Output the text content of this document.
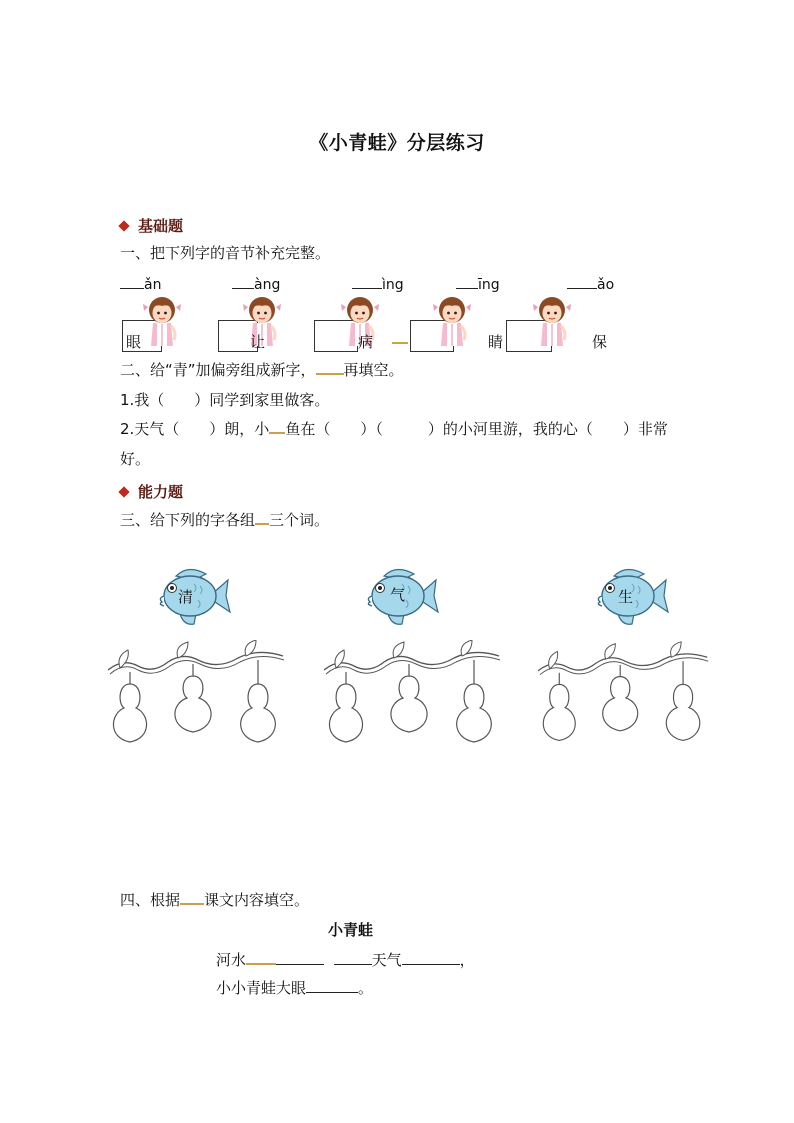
《小青蛙》分层练习
基础题
一、把下列字的音节补充完整。
ǎn	àng	ìng	īng	ǎo
眼	让	病	睛	保
二、给“青”加偏旁组成新字， 再填空。
1.我（　　）同学到家里做客。
2.天气（　　）朗，小 鱼在（　　）（　　　）的小河里游，我的心（　　）非常
好。
能力题
三、给下列的字各组 三个词。
清	气	生
四、根据 课文内容填空。
小青蛙
河水	天气	，
小小青蛙大眼	。
